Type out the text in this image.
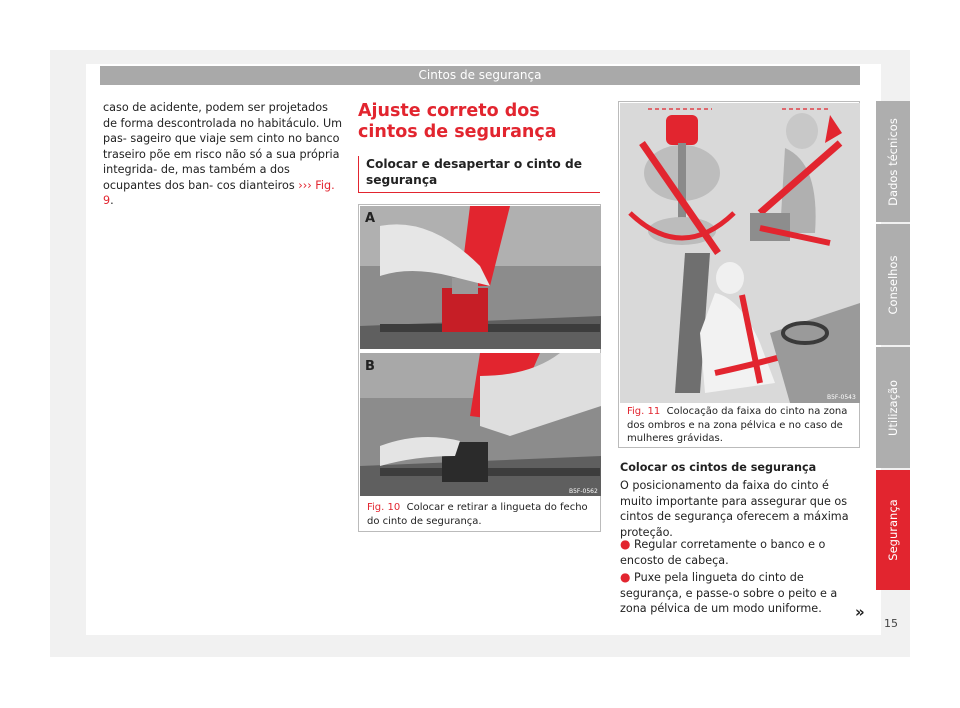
Cintos de segurança
caso de acidente, podem ser projetados de forma descontrolada no habitáculo. Um pas- sageiro que viaje sem cinto no banco traseiro põe em risco não só a sua própria integrida- de, mas também a dos ocupantes dos ban- cos dianteiros ››› Fig. 9.
Ajuste correto dos cintos de segurança
Colocar e desapertar o cinto de segurança
A
B
B5F-0562
Fig. 10 Colocar e retirar a lingueta do fecho do cinto de segurança.
B5F-0543
Fig. 11 Colocação da faixa do cinto na zona dos ombros e na zona pélvica e no caso de mulheres grávidas.
Colocar os cintos de segurança
O posicionamento da faixa do cinto é muito importante para assegurar que os cintos de segurança oferecem a máxima proteção.
● Regular corretamente o banco e o encosto de cabeça.
● Puxe pela lingueta do cinto de segurança, e passe-o sobre o peito e a zona pélvica de um modo uniforme.	»
Dados técnicos
Conselhos
Utilização
Segurança
15
